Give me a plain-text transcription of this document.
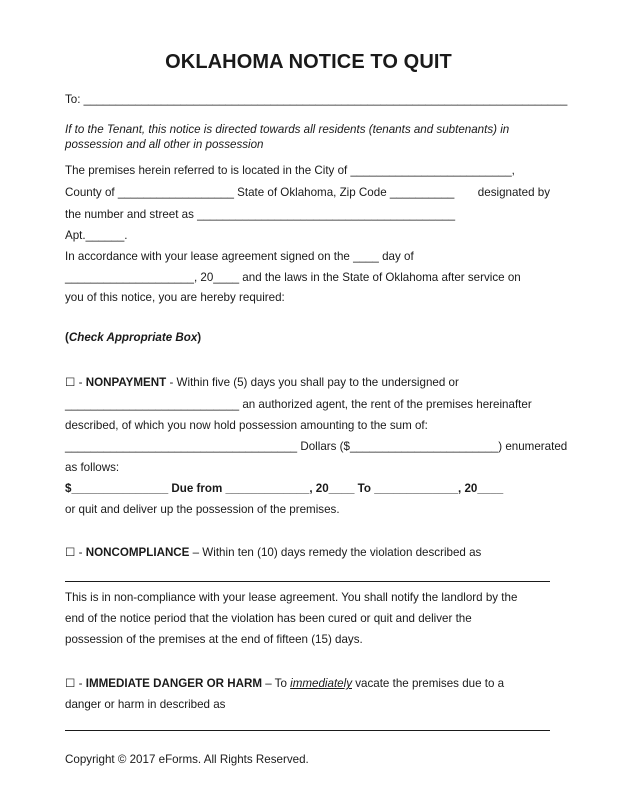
OKLAHOMA NOTICE TO QUIT
To: ___________________________________________________________________________
If to the Tenant, this notice is directed towards all residents (tenants and subtenants) in
possession and all other in possession
The premises herein referred to is located in the City of _________________________,
County of __________________ State of Oklahoma, Zip Code __________ designated by
the number and street as ________________________________________
Apt.______.
In accordance with your lease agreement signed on the ____ day of
____________________, 20____ and the laws in the State of Oklahoma after service on
you of this notice, you are hereby required:
(Check Appropriate Box)
☐ - NONPAYMENT - Within five (5) days you shall pay to the undersigned or
___________________________ an authorized agent, the rent of the premises hereinafter
described, of which you now hold possession amounting to the sum of:
____________________________________ Dollars ($_______________________) enumerated
as follows:
$_______________ Due from _____________, 20____ To _____________, 20____
or quit and deliver up the possession of the premises.
☐ - NONCOMPLIANCE – Within ten (10) days remedy the violation described as
This is in non-compliance with your lease agreement. You shall notify the landlord by the
end of the notice period that the violation has been cured or quit and deliver the
possession of the premises at the end of fifteen (15) days.
☐ - IMMEDIATE DANGER OR HARM – To immediately vacate the premises due to a
danger or harm in described as
Copyright © 2017 eForms. All Rights Reserved.
